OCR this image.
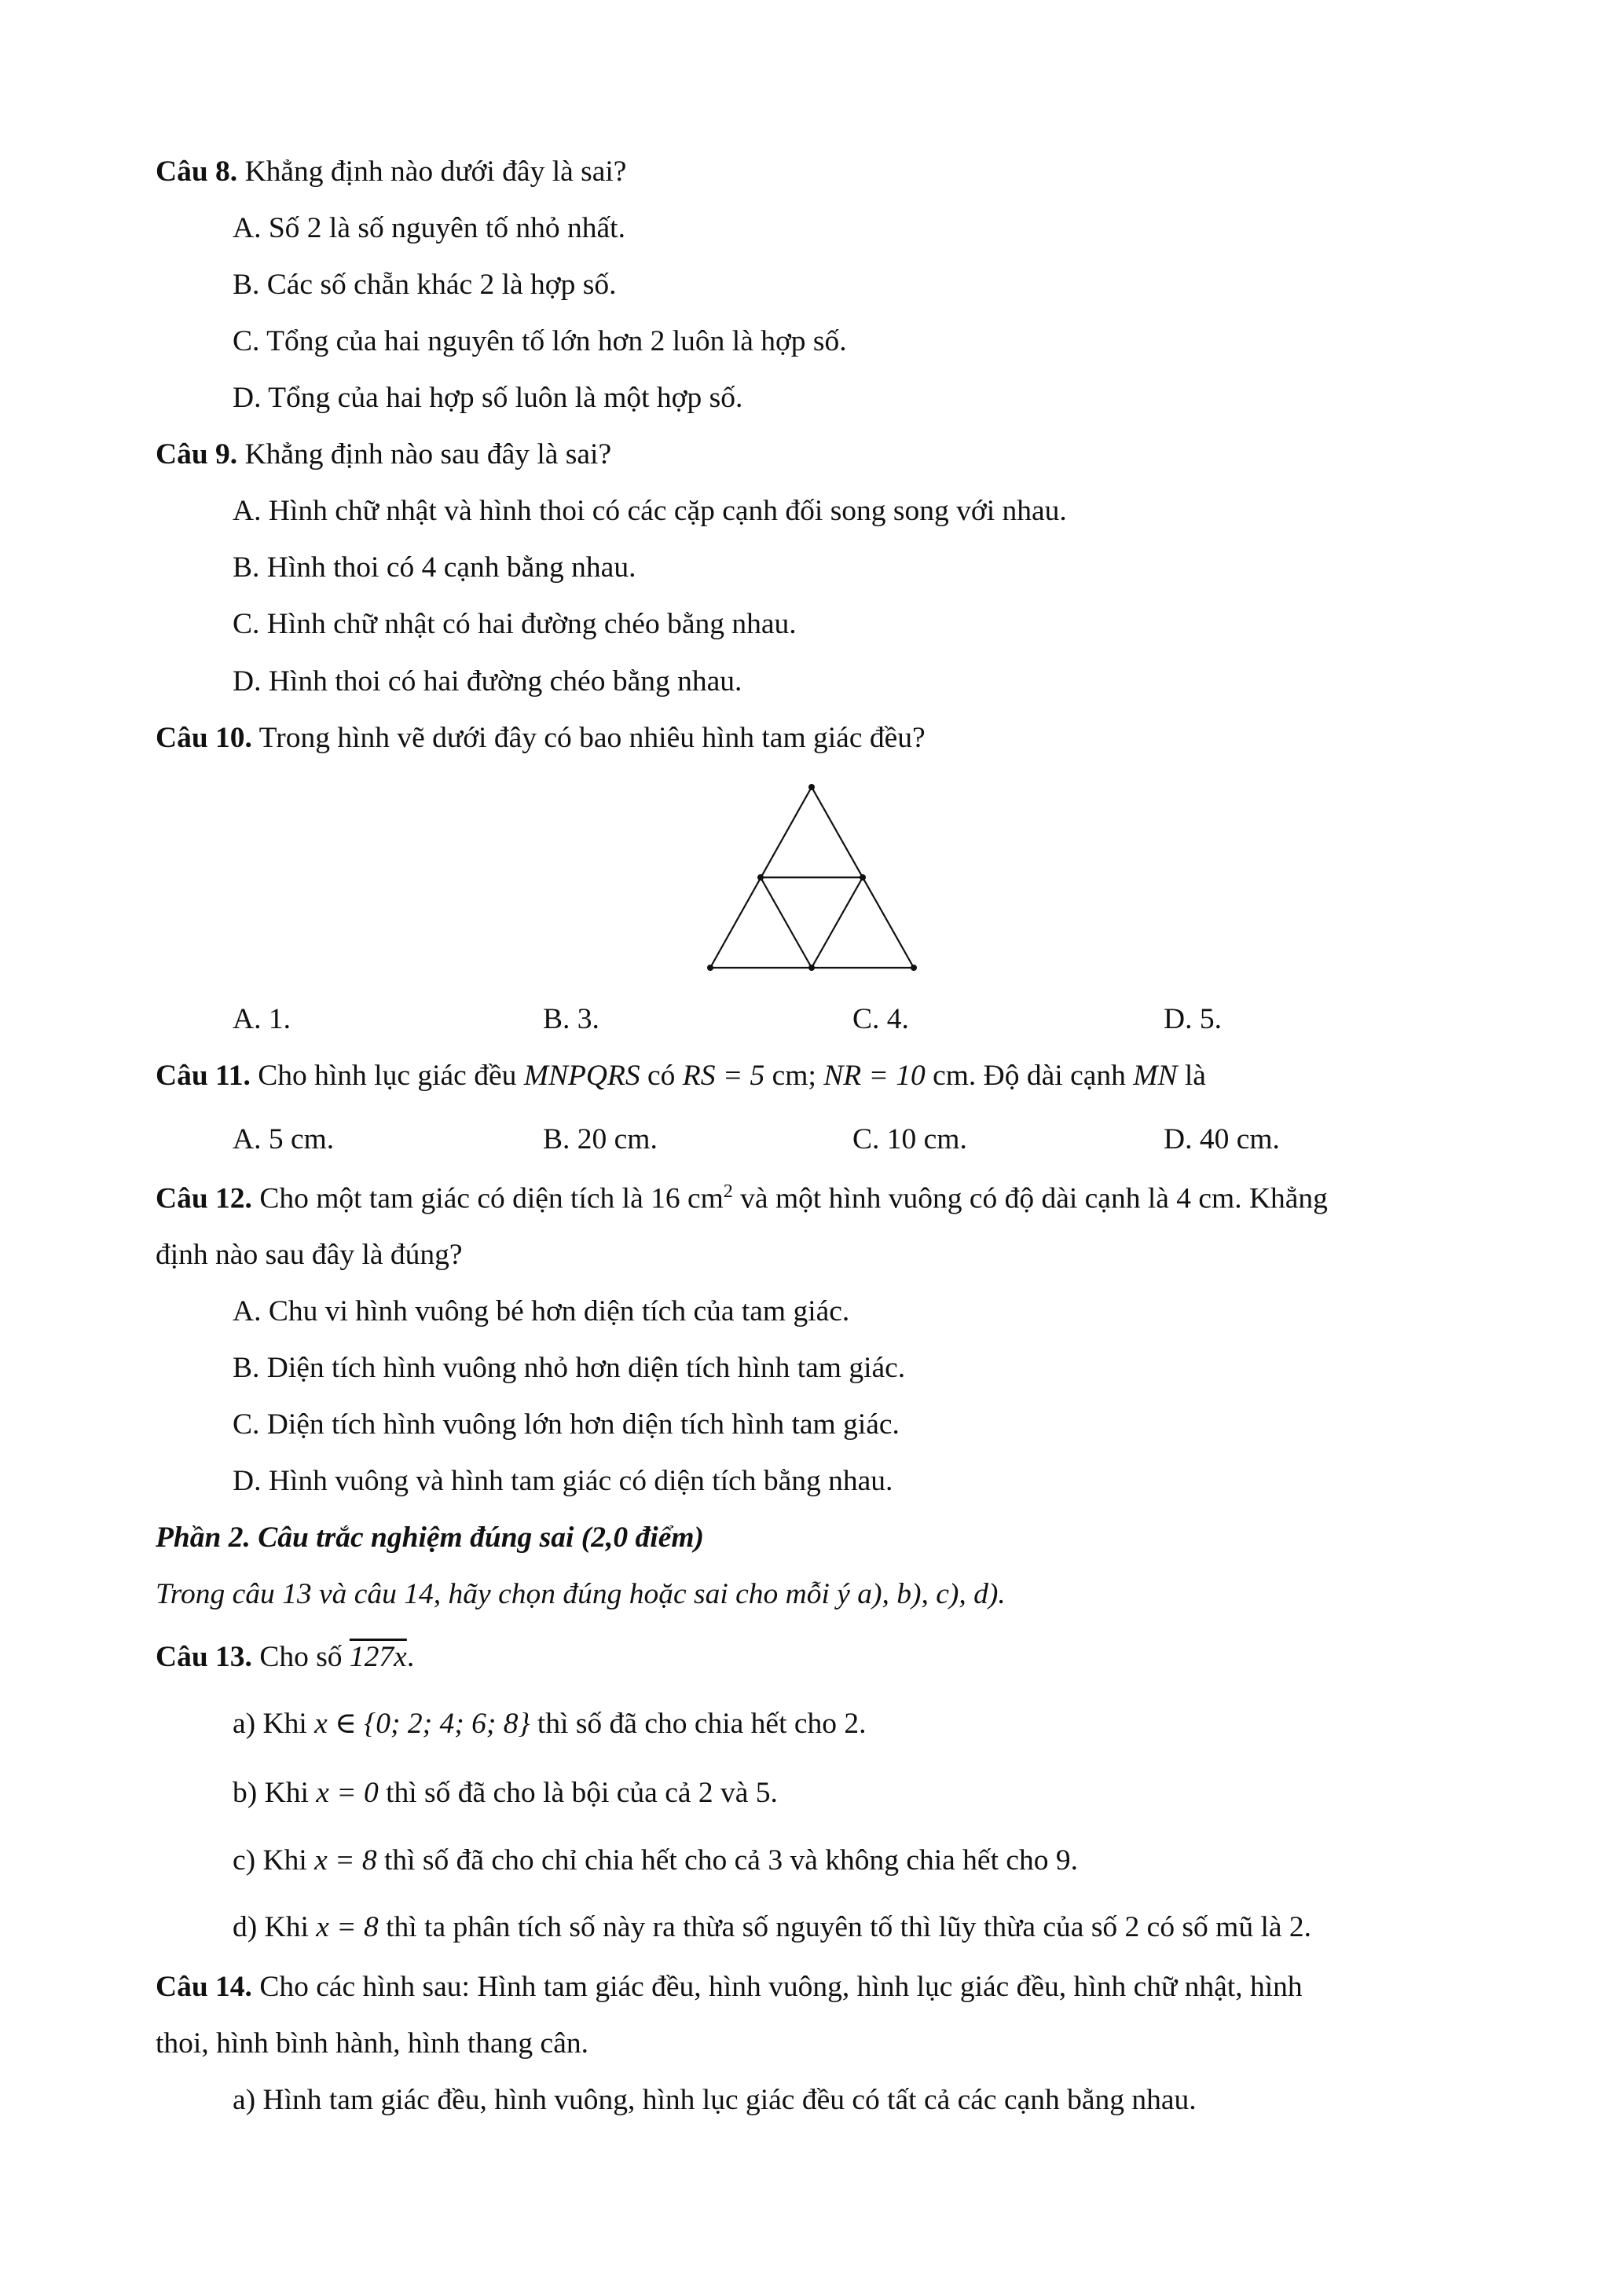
Câu 8. Khẳng định nào dưới đây là sai?
A. Số 2 là số nguyên tố nhỏ nhất.
B. Các số chẵn khác 2 là hợp số.
C. Tổng của hai nguyên tố lớn hơn 2 luôn là hợp số.
D. Tổng của hai hợp số luôn là một hợp số.
Câu 9. Khẳng định nào sau đây là sai?
A. Hình chữ nhật và hình thoi có các cặp cạnh đối song song với nhau.
B. Hình thoi có 4 cạnh bằng nhau.
C. Hình chữ nhật có hai đường chéo bằng nhau.
D. Hình thoi có hai đường chéo bằng nhau.
Câu 10. Trong hình vẽ dưới đây có bao nhiêu hình tam giác đều?
A. 1.	B. 3.	C. 4.	D. 5.
Câu 11. Cho hình lục giác đều MNPQRS có RS = 5 cm; NR = 10 cm. Độ dài cạnh MN là
A. 5 cm.	B. 20 cm.	C. 10 cm.	D. 40 cm.
Câu 12. Cho một tam giác có diện tích là 16 $cm^2$ và một hình vuông có độ dài cạnh là 4 cm. Khẳng
định nào sau đây là đúng?
A. Chu vi hình vuông bé hơn diện tích của tam giác.
B. Diện tích hình vuông nhỏ hơn diện tích hình tam giác.
C. Diện tích hình vuông lớn hơn diện tích hình tam giác.
D. Hình vuông và hình tam giác có diện tích bằng nhau.
Phần 2. Câu trắc nghiệm đúng sai (2,0 điểm)
Trong câu 13 và câu 14, hãy chọn đúng hoặc sai cho mỗi ý a), b), c), d).
Câu 13. Cho số 127x.
a) Khi x ∈ {0; 2; 4; 6; 8} thì số đã cho chia hết cho 2.
b) Khi x = 0 thì số đã cho là bội của cả 2 và 5.
c) Khi x = 8 thì số đã cho chỉ chia hết cho cả 3 và không chia hết cho 9.
d) Khi x = 8 thì ta phân tích số này ra thừa số nguyên tố thì lũy thừa của số 2 có số mũ là 2.
Câu 14. Cho các hình sau: Hình tam giác đều, hình vuông, hình lục giác đều, hình chữ nhật, hình
thoi, hình bình hành, hình thang cân.
a) Hình tam giác đều, hình vuông, hình lục giác đều có tất cả các cạnh bằng nhau.
